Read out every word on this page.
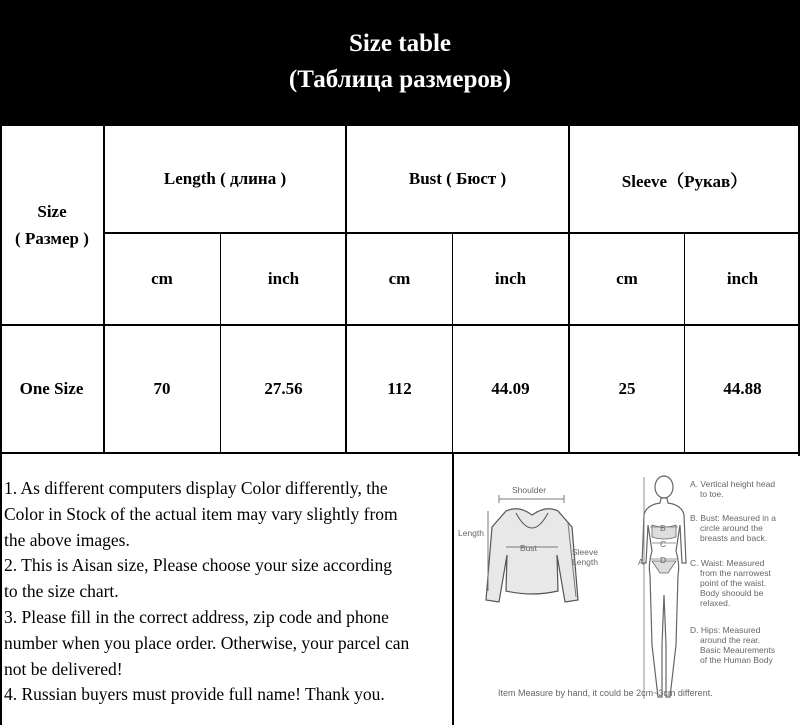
Size table
(Таблица размеров)
Size
( Размер )
Length ( длина )	Bust ( Бюст )	Sleeve（Рукав）
cm	inch	cm	inch	cm	inch
One Size	70	27.56	112	44.09	25	44.88
1. As different computers display Color differently, the
Color in Stock of the actual item may vary slightly from
the above images.
2. This is Aisan size, Please choose your size according
to the size chart.
3. Please fill in the correct address, zip code and phone
number when you place order. Otherwise, your parcel can
not be delivered!
4. Russian buyers must provide full name! Thank you.
Shoulder
Length
Bust	Sleeve
Length
B
C
A D
A. Vertical height head
to toe.
B. Bust: Measured in a
circle around the
breasts and back.
C. Waist: Measured
from the narrowest
point of the waist.
Body shoould be
relaxed.
D. Hips: Measured
around the rear.
Basic Meaurements
of the Human Body
Item Measure by hand, it could be 2cm~3cm different.
